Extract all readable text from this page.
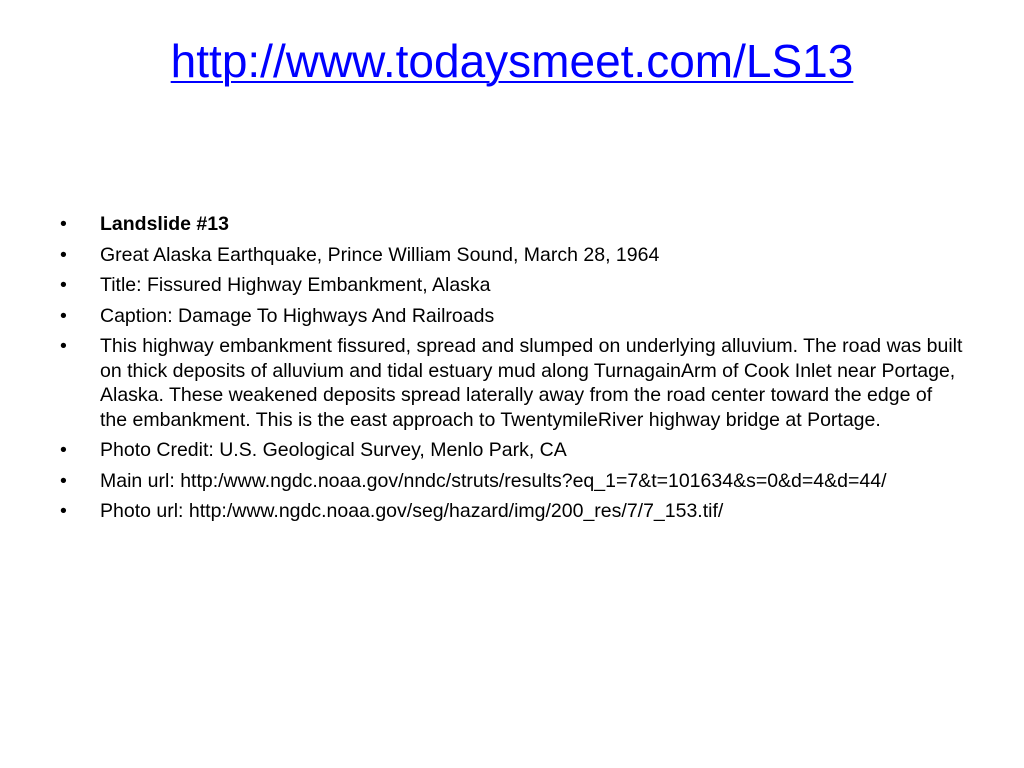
http://www.todaysmeet.com/LS13
• Landslide #13
• Great Alaska Earthquake, Prince William Sound, March 28, 1964
• Title: Fissured Highway Embankment, Alaska
• Caption: Damage To Highways And Railroads
• This highway embankment fissured, spread and slumped on underlying alluvium. The road was built on thick deposits of alluvium and tidal estuary mud along TurnagainArm of Cook Inlet near Portage, Alaska. These weakened deposits spread laterally away from the road center toward the edge of the embankment. This is the east approach to TwentymileRiver highway bridge at Portage.
• Photo Credit: U.S. Geological Survey, Menlo Park, CA
• Main url: http:/www.ngdc.noaa.gov/nndc/struts/results?eq_1=7&t=101634&s=0&d=4&d=44/
• Photo url: http:/www.ngdc.noaa.gov/seg/hazard/img/200_res/7/7_153.tif/
